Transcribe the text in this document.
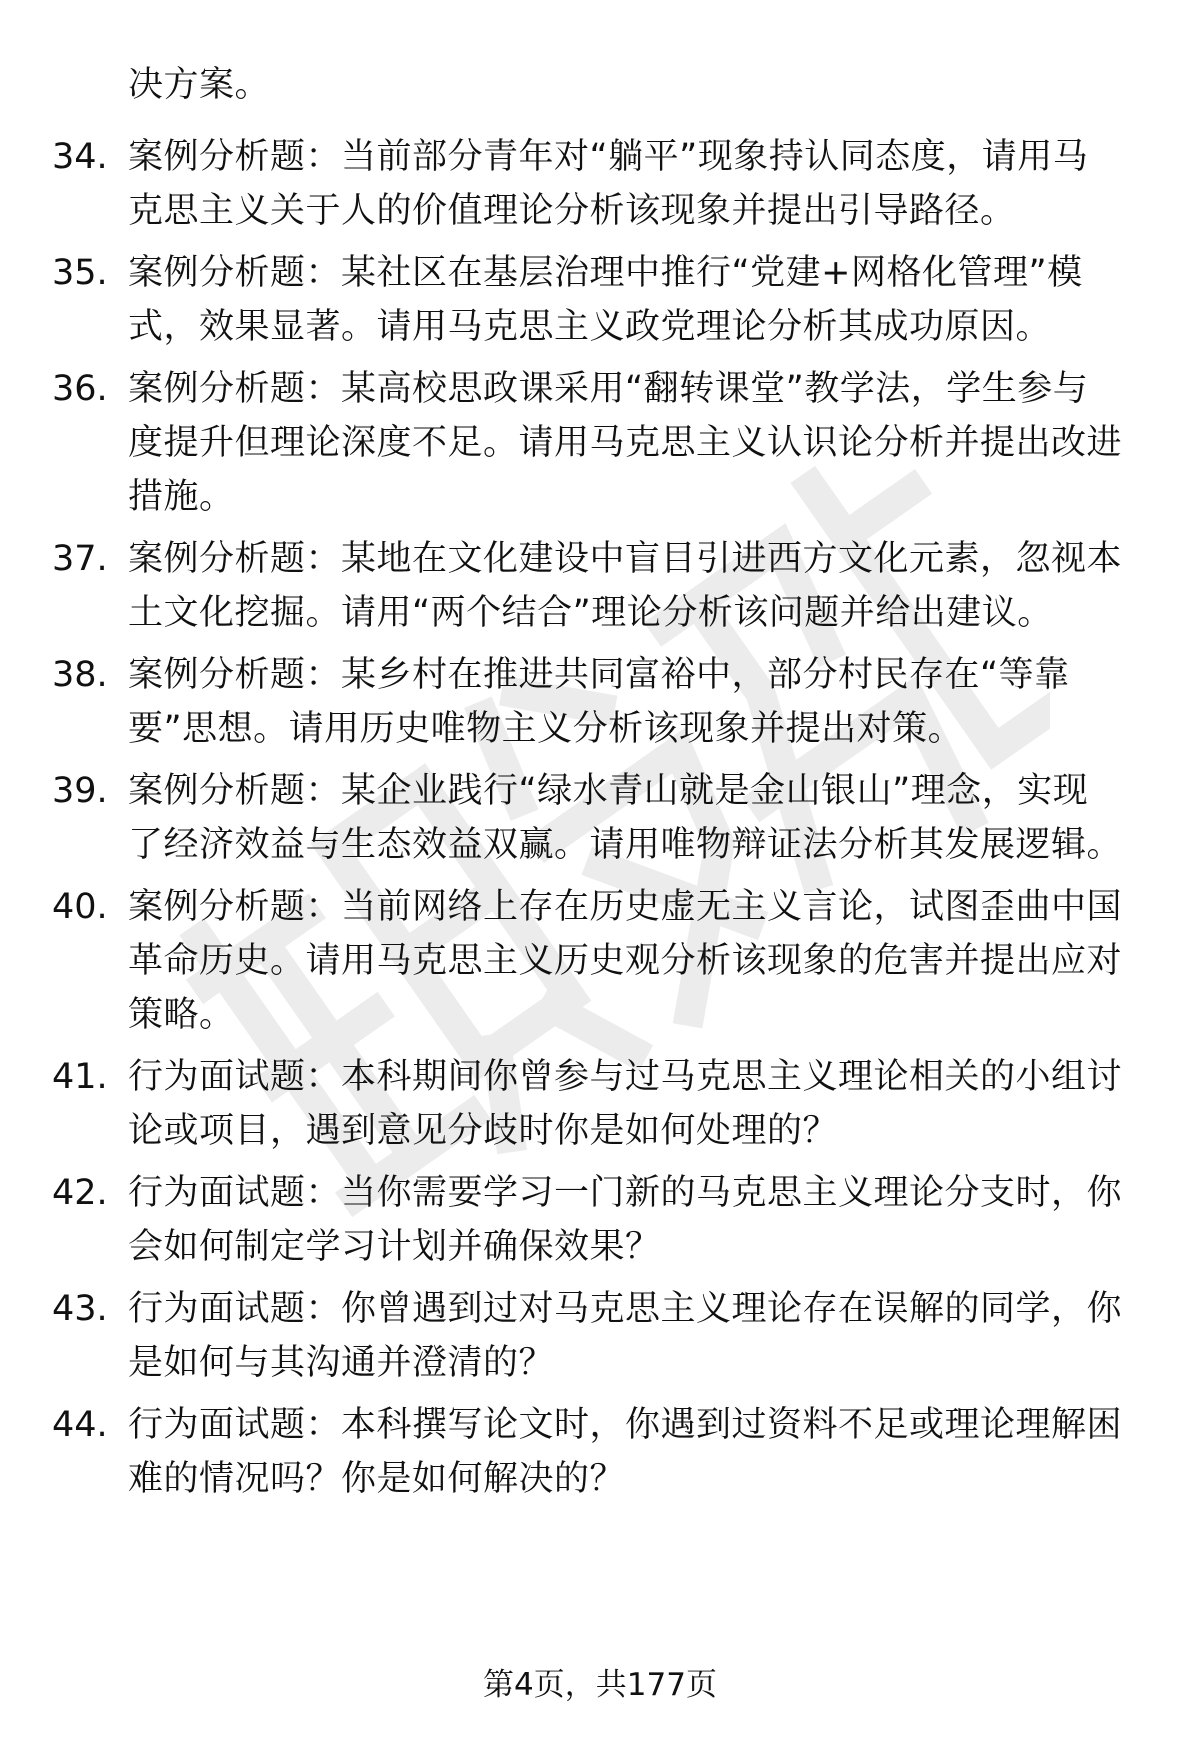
决方案。
34. 案例分析题：当前部分青年对“躺平”现象持认同态度，请用马
克思主义关于人的价值理论分析该现象并提出引导路径。
35. 案例分析题：某社区在基层治理中推行“党建+网格化管理”模
式，效果显著。请用马克思主义政党理论分析其成功原因。
36. 案例分析题：某高校思政课采用“翻转课堂”教学法，学生参与
度提升但理论深度不足。请用马克思主义认识论分析并提出改进
措施。
37. 案例分析题：某地在文化建设中盲目引进西方文化元素，忽视本
土文化挖掘。请用“两个结合”理论分析该问题并给出建议。
38. 案例分析题：某乡村在推进共同富裕中，部分村民存在“等靠
要”思想。请用历史唯物主义分析该现象并提出对策。
39. 案例分析题：某企业践行“绿水青山就是金山银山”理念，实现
了经济效益与生态效益双赢。请用唯物辩证法分析其发展逻辑。
40. 案例分析题：当前网络上存在历史虚无主义言论，试图歪曲中国
革命历史。请用马克思主义历史观分析该现象的危害并提出应对
策略。
41. 行为面试题：本科期间你曾参与过马克思主义理论相关的小组讨
论或项目，遇到意见分歧时你是如何处理的？
42. 行为面试题：当你需要学习一门新的马克思主义理论分支时，你
会如何制定学习计划并确保效果？
43. 行为面试题：你曾遇到过对马克思主义理论存在误解的同学，你
是如何与其沟通并澄清的？
44. 行为面试题：本科撰写论文时，你遇到过资料不足或理论理解困
难的情况吗？你是如何解决的？
第4页，共177页
